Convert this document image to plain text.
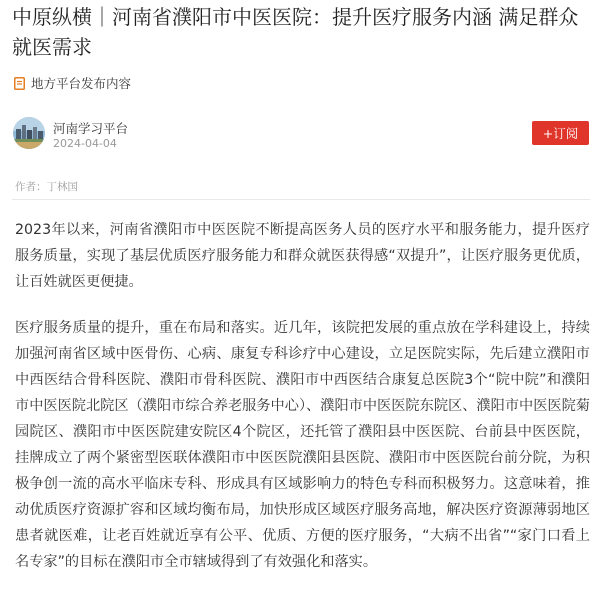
中原纵横｜河南省濮阳市中医医院：提升医疗服务内涵 满足群众就医需求
地方平台发布内容
河南学习平台
2024-04-04
+订阅
作者：丁林国

2023年以来，河南省濮阳市中医医院不断提高医务人员的医疗水平和服务能力，提升医疗服务质量，实现了基层优质医疗服务能力和群众就医获得感“双提升”，让医疗服务更优质，让百姓就医更便捷。

医疗服务质量的提升，重在布局和落实。近几年，该院把发展的重点放在学科建设上，持续加强河南省区域中医骨伤、心病、康复专科诊疗中心建设，立足医院实际，先后建立濮阳市中西医结合骨科医院、濮阳市骨科医院、濮阳市中西医结合康复总医院3个“院中院”和濮阳市中医医院北院区（濮阳市综合养老服务中心）、濮阳市中医医院东院区、濮阳市中医医院菊园院区、濮阳市中医医院建安院区4个院区，还托管了濮阳县中医医院、台前县中医医院，挂牌成立了两个紧密型医联体濮阳市中医医院濮阳县医院、濮阳市中医医院台前分院，为积极争创一流的高水平临床专科、形成具有区域影响力的特色专科而积极努力。这意味着，推动优质医疗资源扩容和区域均衡布局，加快形成区域医疗服务高地，解决医疗资源薄弱地区患者就医难，让老百姓就近享有公平、优质、方便的医疗服务，“大病不出省”“家门口看上名专家”的目标在濮阳市全市辖域得到了有效强化和落实。
